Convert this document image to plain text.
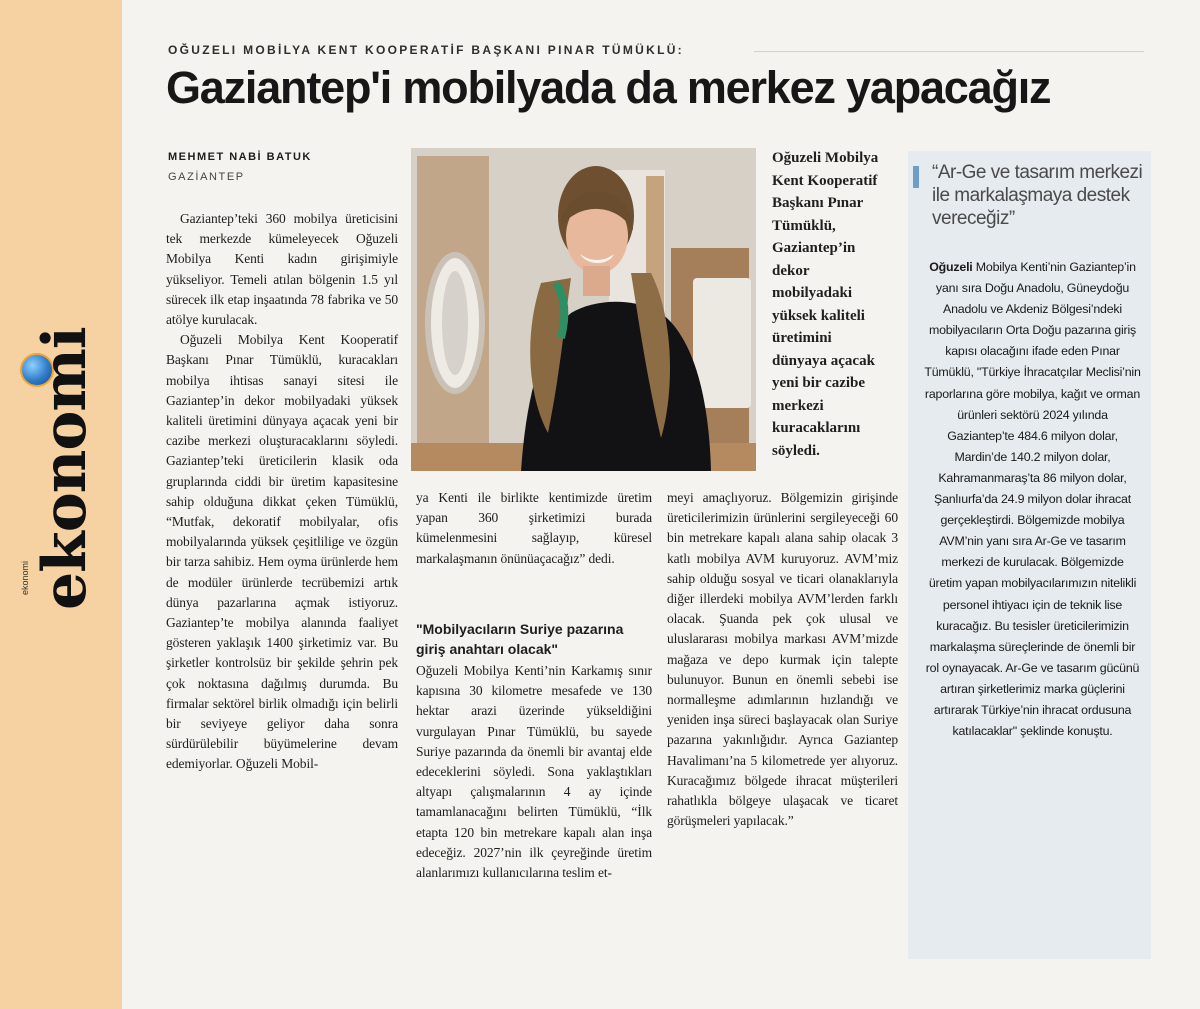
ekonomi
ekonomi
OĞUZELI MOBİLYA KENT KOOPERATİF BAŞKANI PINAR TÜMÜKLÜ:
Gaziantep'i mobilyada da merkez yapacağız
MEHMET NABİ BATUK
GAZİANTEP

Gaziantep’teki 360 mobilya üreticisini tek merkezde kümeleyecek Oğuzeli Mobilya Kenti kadın girişimiyle yükseliyor. Temeli atılan bölgenin 1.5 yıl sürecek ilk etap inşaatında 78 fabrika ve 50 atölye kurulacak.

Oğuzeli Mobilya Kent Kooperatif Başkanı Pınar Tümüklü, kuracakları mobilya ihtisas sanayi sitesi ile Gaziantep’in dekor mobilyadaki yüksek kaliteli üretimini dünyaya açacak yeni bir cazibe merkezi oluşturacaklarını söyledi. Gaziantep’teki üreticilerin klasik oda gruplarında ciddi bir üretim kapasitesine sahip olduğuna dikkat çeken Tümüklü, “Mutfak, dekoratif mobilyalar, ofis mobilyalarında yüksek çeşitlilige ve özgün bir tarza sahibiz. Hem oyma ürünlerde hem de modüler ürünlerde tecrübemizi artık dünya pazarlarına açmak istiyoruz. Gaziantep’te mobilya alanında faaliyet gösteren yaklaşık 1400 şirketimiz var. Bu şirketler kontrolsüz bir şekilde şehrin pek çok noktasına dağılmış durumda. Bu firmalar sektörel birlik olmadığı için belirli bir seviyeye geliyor daha sonra sürdürülebilir büyümelerine devam edemiyorlar. Oğuzeli Mobil-

Oğuzeli Mobilya Kent Kooperatif Başkanı Pınar Tümüklü, Gaziantep’in dekor mobilyadaki yüksek kaliteli üretimini dünyaya açacak yeni bir cazibe merkezi kuracaklarını söyledi.

ya Kenti ile birlikte kentimizde üretim yapan 360 şirketimizi burada kümelenmesini sağlayıp, küresel markalaşmanın önünüaçacağız” dedi.

"Mobilyacıların Suriye pazarına giriş anahtarı olacak"

Oğuzeli Mobilya Kenti’nin Karkamış sınır kapısına 30 kilometre mesafede ve 130 hektar arazi üzerinde yükseldiğini vurgulayan Pınar Tümüklü, bu sayede Suriye pazarında da önemli bir avantaj elde edeceklerini söyledi. Sona yaklaştıkları altyapı çalışmalarının 4 ay içinde tamamlanacağını belirten Tümüklü, “İlk etapta 120 bin metrekare kapalı alan inşa edeceğiz. 2027’nin ilk çeyreğinde üretim alanlarımızı kullanıcılarına teslim et-

meyi amaçlıyoruz. Bölgemizin girişinde üreticilerimizin ürünlerini sergileyeceği 60 bin metrekare kapalı alana sahip olacak 3 katlı mobilya AVM kuruyoruz. AVM’miz sahip olduğu sosyal ve ticari olanaklarıyla diğer illerdeki mobilya AVM’lerden farklı olacak. Şuanda pek çok ulusal ve uluslararası mobilya markası AVM’mizde mağaza ve depo kurmak için talepte bulunuyor. Bunun en önemli sebebi ise normalleşme adımlarının hızlandığı ve yeniden inşa süreci başlayacak olan Suriye pazarına yakınlığıdır. Ayrıca Gaziantep Havalimanı’na 5 kilometrede yer alıyoruz. Kuracağımız bölgede ihracat müşterileri rahatlıkla bölgeye ulaşacak ve ticaret görüşmeleri yapılacak.”

“Ar-Ge ve tasarım merkezi ile markalaşmaya destek vereceğiz”
Oğuzeli Mobilya Kenti’nin Gaziantep’in yanı sıra Doğu Anadolu, Güneydoğu Anadolu ve Akdeniz Bölgesi’ndeki mobilyacıların Orta Doğu pazarına giriş kapısı olacağını ifade eden Pınar Tümüklü, "Türkiye İhracatçılar Meclisi’nin raporlarına göre mobilya, kağıt ve orman ürünleri sektörü 2024 yılında Gaziantep’te 484.6 milyon dolar, Mardin’de 140.2 milyon dolar, Kahramanmaraş’ta 86 milyon dolar, Şanlıurfa’da 24.9 milyon dolar ihracat gerçekleştirdi. Bölgemizde mobilya AVM’nin yanı sıra Ar-Ge ve tasarım merkezi de kurulacak. Bölgemizde üretim yapan mobilyacılarımızın nitelikli personel ihtiyacı için de teknik lise kuracağız. Bu tesisler üreticilerimizin markalaşma süreçlerinde de önemli bir rol oynayacak. Ar-Ge ve tasarım gücünü artıran şirketlerimiz marka güçlerini artırarak Türkiye’nin ihracat ordusuna katılacaklar" şeklinde konuştu.
